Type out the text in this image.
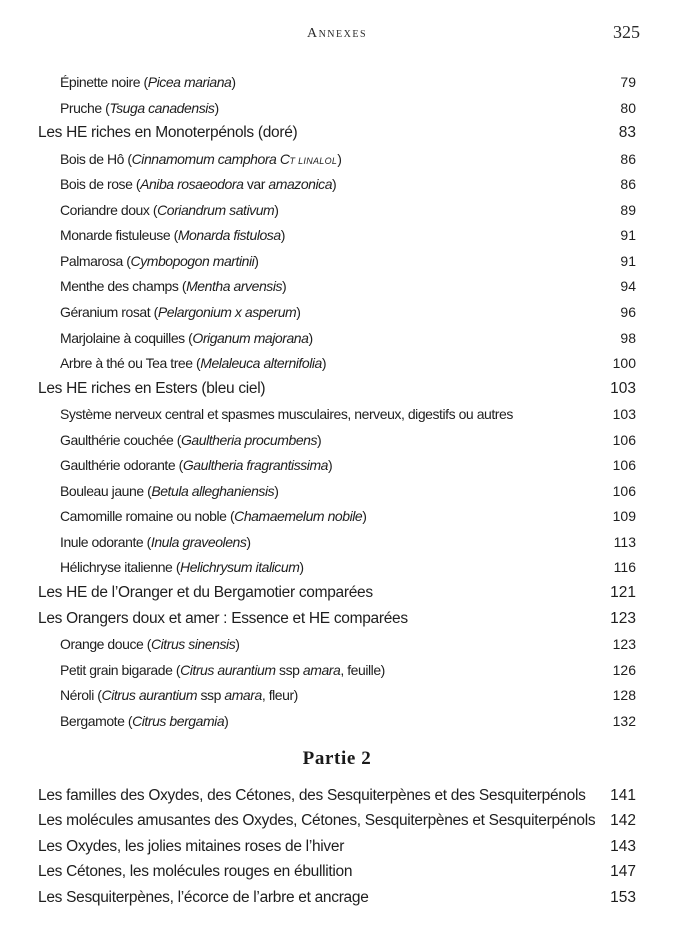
Annexes	325
Épinette noire (Picea mariana)	79
Pruche (Tsuga canadensis)	80
Les HE riches en Monoterpénols (doré)	83
Bois de Hô (Cinnamomum camphora CT LINALOL)	86
Bois de rose (Aniba rosaeodora var amazonica)	86
Coriandre doux (Coriandrum sativum)	89
Monarde fistuleuse (Monarda fistulosa)	91
Palmarosa (Cymbopogon martinii)	91
Menthe des champs (Mentha arvensis)	94
Géranium rosat (Pelargonium x asperum)	96
Marjolaine à coquilles (Origanum majorana)	98
Arbre à thé ou Tea tree (Melaleuca alternifolia)	100
Les HE riches en Esters (bleu ciel)	103
Système nerveux central et spasmes musculaires, nerveux, digestifs ou autres	103
Gaulthérie couchée (Gaultheria procumbens)	106
Gaulthérie odorante (Gaultheria fragrantissima)	106
Bouleau jaune (Betula alleghaniensis)	106
Camomille romaine ou noble (Chamaemelum nobile)	109
Inule odorante (Inula graveolens)	113
Hélichryse italienne (Helichrysum italicum)	116
Les HE de l’Oranger et du Bergamotier comparées	121
Les Orangers doux et amer : Essence et HE comparées	123
Orange douce (Citrus sinensis)	123
Petit grain bigarade (Citrus aurantium ssp amara, feuille)	126
Néroli (Citrus aurantium ssp amara, fleur)	128
Bergamote (Citrus bergamia)	132
Partie 2
Les familles des Oxydes, des Cétones, des Sesquiterpènes et des Sesquiterpénols 141
Les molécules amusantes des Oxydes, Cétones, Sesquiterpènes et Sesquiterpénols 142
Les Oxydes, les jolies mitaines roses de l’hiver	143
Les Cétones, les molécules rouges en ébullition	147
Les Sesquiterpènes, l’écorce de l’arbre et ancrage	153
